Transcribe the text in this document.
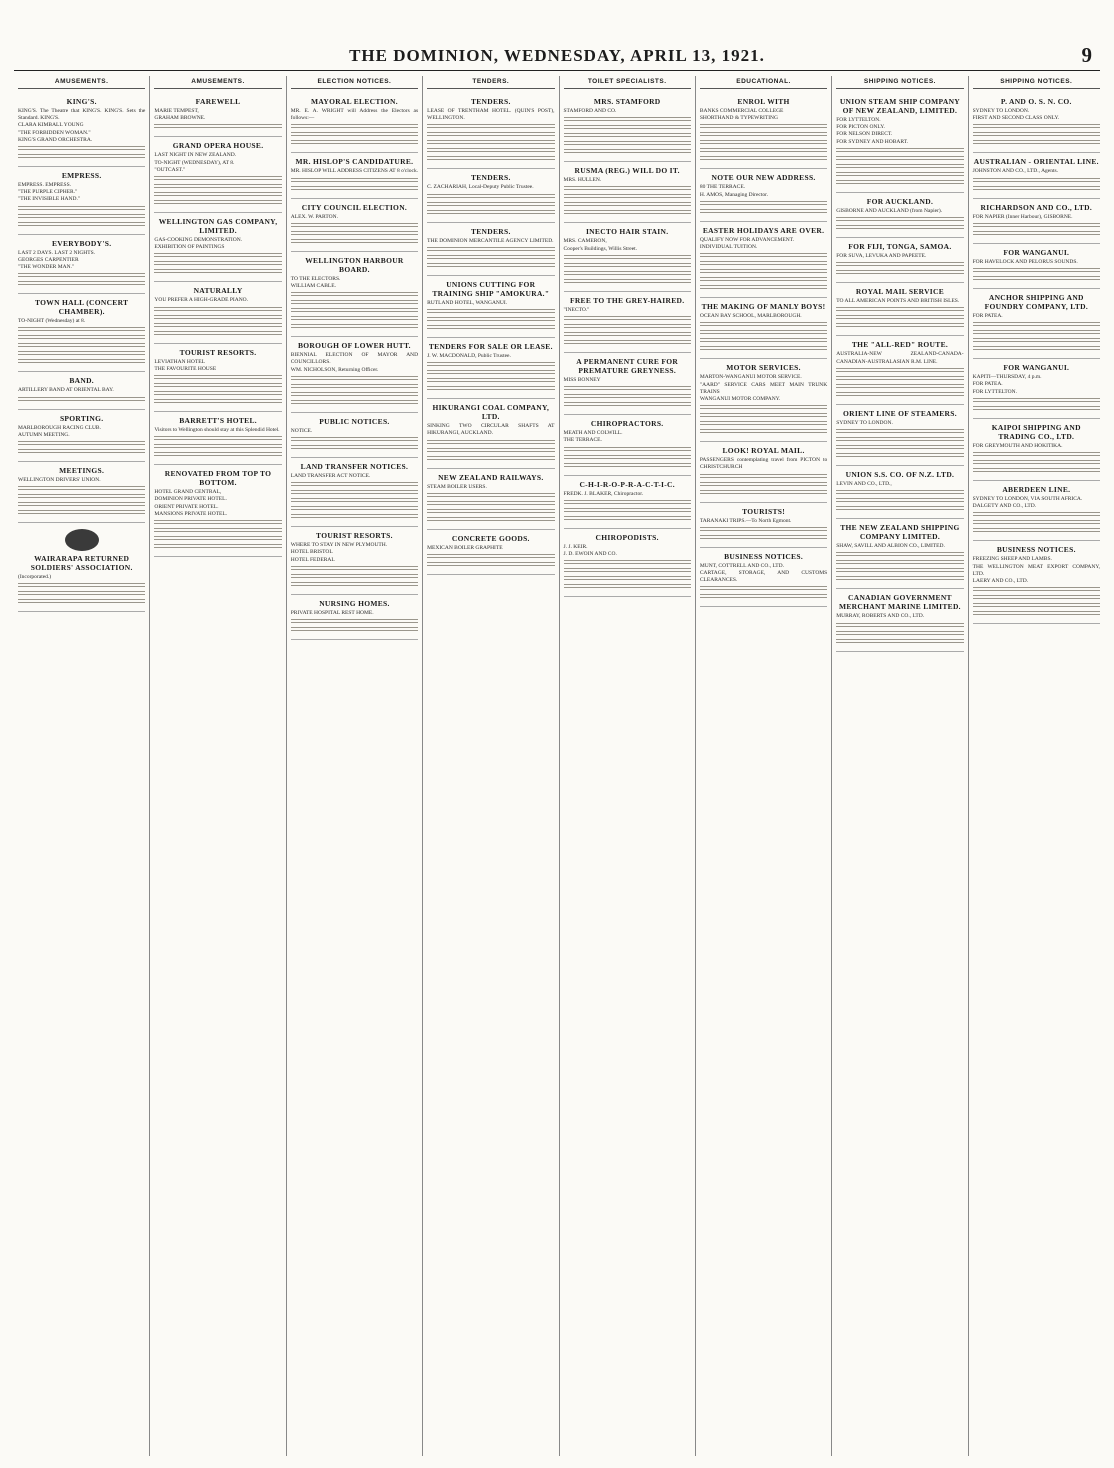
THE DOMINION, WEDNESDAY, APRIL 13, 1921.	9
AMUSEMENTS.
KING'S.
KING'S. The Theatre that KING'S. KING'S. Sets the Standard. KING'S.
CLARA KIMBALL YOUNG
"THE FORBIDDEN WOMAN."
KING'S GRAND ORCHESTRA.
EMPRESS.
EMPRESS. EMPRESS.
"THE PURPLE CIPHER."
"THE INVISIBLE HAND."
EVERYBODY'S.
LAST 2 DAYS. LAST 2 NIGHTS.
GEORGES CARPENTIER
"THE WONDER MAN."
TOWN HALL (CONCERT CHAMBER).
TO-NIGHT (Wednesday) at 8.
BAND.
ARTILLERY BAND AT ORIENTAL BAY.
SPORTING.
MARLBOROUGH RACING CLUB.
AUTUMN MEETING.
MEETINGS.
WELLINGTON DRIVERS' UNION.
WAIRARAPA RETURNED SOLDIERS' ASSOCIATION.
(Incorporated.)
AMUSEMENTS.
FAREWELL
MARIE TEMPEST,
GRAHAM BROWNE.
GRAND OPERA HOUSE.
LAST NIGHT IN NEW ZEALAND.
TO-NIGHT (WEDNESDAY), AT 8.
"OUTCAST."
WELLINGTON GAS COMPANY, LIMITED.
GAS-COOKING DEMONSTRATION.
EXHIBITION OF PAINTINGS
NATURALLY
YOU PREFER A HIGH-GRADE PIANO.
TOURIST RESORTS.
LEVIATHAN HOTEL
THE FAVOURITE HOUSE
BARRETT'S HOTEL.
Visitors to Wellington should stay at this Splendid Hotel.
RENOVATED FROM TOP TO BOTTOM.
HOTEL GRAND CENTRAL,
DOMINION PRIVATE HOTEL.
ORIENT PRIVATE HOTEL.
MANSIONS PRIVATE HOTEL.
ELECTION NOTICES.
MAYORAL ELECTION.
MR. E. A. WRIGHT will Address the Electors as follows:—
MR. HISLOP'S CANDIDATURE.
MR. HISLOP WILL ADDRESS CITIZENS AT 8 o'clock.
CITY COUNCIL ELECTION.
ALEX. W. PARTON.
WELLINGTON HARBOUR BOARD.
TO THE ELECTORS.
WILLIAM CABLE.
BOROUGH OF LOWER HUTT.
BIENNIAL ELECTION OF MAYOR AND COUNCILLORS.
WM. NICHOLSON, Returning Officer.
PUBLIC NOTICES.
NOTICE.
LAND TRANSFER NOTICES.
LAND TRANSFER ACT NOTICE.
TOURIST RESORTS.
WHERE TO STAY IN NEW PLYMOUTH.
HOTEL BRISTOL
HOTEL FEDERAL
NURSING HOMES.
PRIVATE HOSPITAL REST HOME.
TENDERS.
TENDERS.
LEASE OF TRENTHAM HOTEL. (QUIN'S POST), WELLINGTON.
TENDERS.
C. ZACHARIAH, Local-Deputy Public Trustee.
TENDERS.
THE DOMINION MERCANTILE AGENCY LIMITED.
UNIONS CUTTING FOR TRAINING SHIP "AMOKURA."
RUTLAND HOTEL, WANGANUI.
TENDERS FOR SALE OR LEASE.
J. W. MACDONALD, Public Trustee.
HIKURANGI COAL COMPANY, LTD.
SINKING TWO CIRCULAR SHAFTS AT HIKURANGI, AUCKLAND.
NEW ZEALAND RAILWAYS.
STEAM BOILER USERS.
CONCRETE GOODS.
MEXICAN BOILER GRAPHITE
TOILET SPECIALISTS.
MRS. STAMFORD
STAMFORD AND CO.
RUSMA (REG.) WILL DO IT.
MRS. HULLEN.
INECTO HAIR STAIN.
MRS. CAMERON,
Cooper's Buildings, Willis Street.
FREE TO THE GREY-HAIRED.
"INECTO."
A PERMANENT CURE FOR PREMATURE GREYNESS.
MISS BONNEY
CHIROPRACTORS.
MEATH AND COLWILL.
THE TERRACE.
C-H-I-R-O-P-R-A-C-T-I-C.
FREDK. J. BLAKER, Chiropractor.
CHIROPODISTS.
J. J. KEIR.
J. D. EWOIN AND CO.
EDUCATIONAL.
ENROL WITH
BANKS COMMERCIAL COLLEGE
SHORTHAND & TYPEWRITING
NOTE OUR NEW ADDRESS.
80 THE TERRACE.
H. AMOS, Managing Director.
EASTER HOLIDAYS ARE OVER.
QUALIFY NOW FOR ADVANCEMENT.
INDIVIDUAL TUITION.
THE MAKING OF MANLY BOYS!
OCEAN BAY SCHOOL, MARLBOROUGH.
MOTOR SERVICES.
MARTON-WANGANUI MOTOR SERVICE.
"AARD" SERVICE CARS MEET MAIN TRUNK TRAINS
WANGANUI MOTOR COMPANY.
LOOK! ROYAL MAIL.
PASSENGERS contemplating travel from PICTON to CHRISTCHURCH
TOURISTS!
TARANAKI TRIPS.—To North Egmont.
BUSINESS NOTICES.
MUNT, COTTRELL AND CO., LTD.
CARTAGE, STORAGE, AND CUSTOMS CLEARANCES.
SHIPPING NOTICES.
UNION STEAM SHIP COMPANY OF NEW ZEALAND, LIMITED.
FOR LYTTELTON.
FOR PICTON ONLY.
FOR NELSON DIRECT.
FOR SYDNEY AND HOBART.
FOR AUCKLAND.
GISBORNE AND AUCKLAND (from Napier).
FOR FIJI, TONGA, SAMOA.
FOR SUVA, LEVUKA AND PAPEETE.
ROYAL MAIL SERVICE
TO ALL AMERICAN POINTS AND BRITISH ISLES.
THE "ALL-RED" ROUTE.
AUSTRALIA-NEW ZEALAND-CANADA-CANADIAN-AUSTRALASIAN R.M. LINE.
ORIENT LINE OF STEAMERS.
SYDNEY TO LONDON.
UNION S.S. CO. OF N.Z. LTD.
LEVIN AND CO., LTD.,
THE NEW ZEALAND SHIPPING COMPANY LIMITED.
SHAW, SAVILL AND ALBION CO., LIMITED.
CANADIAN GOVERNMENT MERCHANT MARINE LIMITED.
MURRAY, ROBERTS AND CO., LTD.
SHIPPING NOTICES.
P. AND O. S. N. CO.
SYDNEY TO LONDON.
FIRST AND SECOND CLASS ONLY.
AUSTRALIAN - ORIENTAL LINE.
JOHNSTON AND CO., LTD., Agents.
RICHARDSON AND CO., LTD.
FOR NAPIER (Inner Harbour), GISBORNE.
FOR WANGANUI.
FOR HAVELOCK AND PELORUS SOUNDS.
ANCHOR SHIPPING AND FOUNDRY COMPANY, LTD.
FOR PATEA.
FOR WANGANUI.
KAPITI—THURSDAY, 4 p.m.
FOR PATEA.
FOR LYTTELTON.
KAIPOI SHIPPING AND TRADING CO., LTD.
FOR GREYMOUTH AND HOKITIKA.
ABERDEEN LINE.
SYDNEY TO LONDON, VIA SOUTH AFRICA.
DALGETY AND CO., LTD.
BUSINESS NOTICES.
FREEZING SHEEP AND LAMBS.
THE WELLINGTON MEAT EXPORT COMPANY, LTD.
LAERY AND CO., LTD.
